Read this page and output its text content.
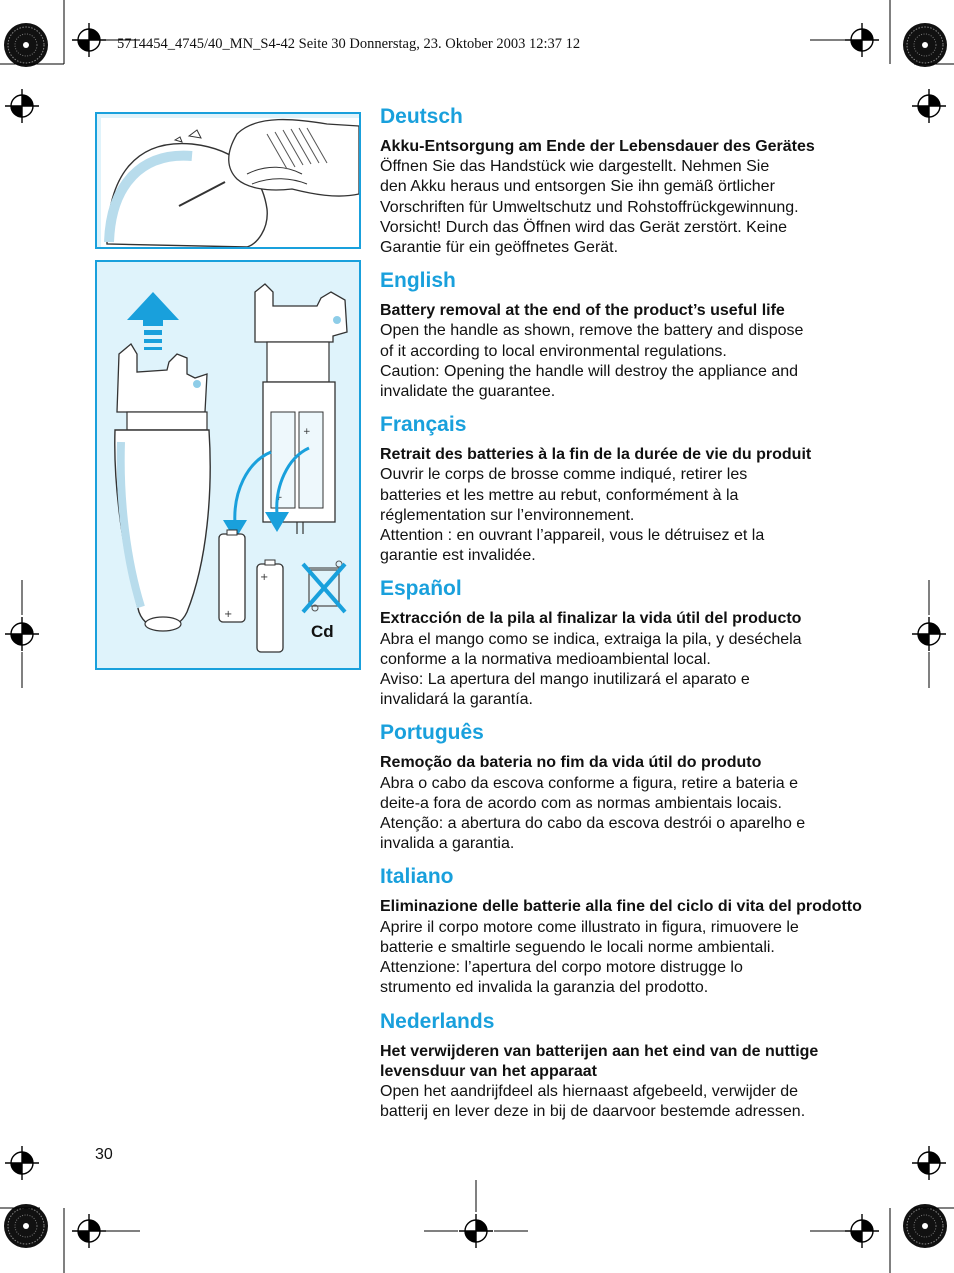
5714454_4745/40_MN_S4-42 Seite 30 Donnerstag, 23. Oktober 2003 12:37 12
+
+
+
+
Cd
Deutsch

Akku-Entsorgung am Ende der Lebensdauer des Gerätes

Öffnen Sie das Handstück wie dargestellt. Nehmen Sie
den Akku heraus und entsorgen Sie ihn gemäß örtlicher
Vorschriften für Umweltschutz und Rohstoffrückgewinnung.
Vorsicht! Durch das Öffnen wird das Gerät zerstört. Keine
Garantie für ein geöffnetes Gerät.
English

Battery removal at the end of the product’s useful life

Open the handle as shown, remove the battery and dispose
of it according to local environmental regulations.
Caution: Opening the handle will destroy the appliance and
invalidate the guarantee.
Français

Retrait des batteries à la fin de la durée de vie du produit

Ouvrir le corps de brosse comme indiqué, retirer les
batteries et les mettre au rebut, conformément à la
réglementation sur l’environnement.
Attention : en ouvrant l’appareil, vous le détruisez et la
garantie est invalidée.
Español

Extracción de la pila al finalizar la vida útil del producto

Abra el mango como se indica, extraiga la pila, y deséchela
conforme a la normativa medioambiental local.
Aviso: La apertura del mango inutilizará el aparato e
invalidará la garantía.
Português

Remoção da bateria no fim da vida útil do produto

Abra o cabo da escova conforme a figura, retire a bateria e
deite-a fora de acordo com as normas ambientais locais.
Atenção: a abertura do cabo da escova destrói o aparelho e
invalida a garantia.
Italiano

Eliminazione delle batterie alla fine del ciclo di vita del prodotto

Aprire il corpo motore come illustrato in figura, rimuovere le
batterie e smaltirle seguendo le locali norme ambientali.
Attenzione: l’apertura del corpo motore distrugge lo
strumento ed invalida la garanzia del prodotto.
Nederlands

Het verwijderen van batterijen aan het eind van de nuttige levensduur van het apparaat

Open het aandrijfdeel als hiernaast afgebeeld, verwijder de
batterij en lever deze in bij de daarvoor bestemde adressen.
30
